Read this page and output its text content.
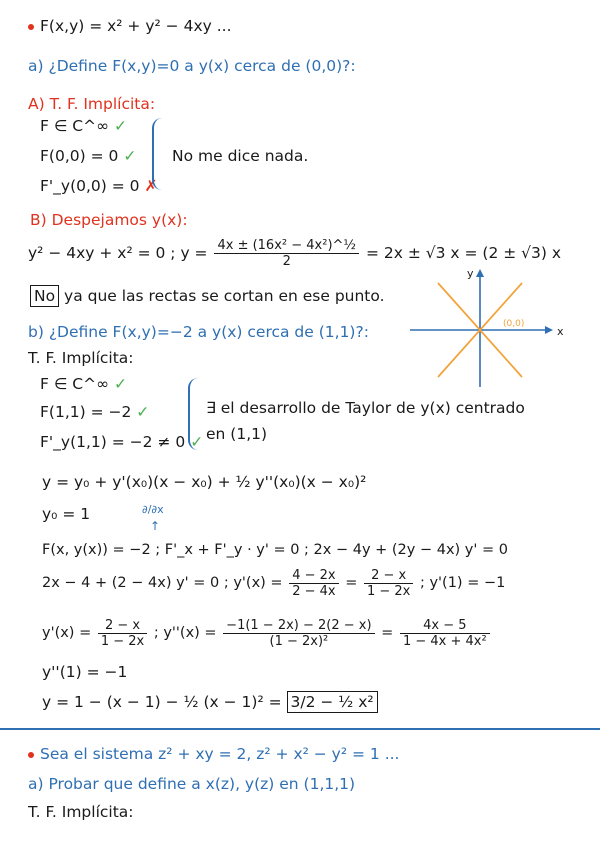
F(x,y) = x² + y² − 4xy ...
a) ¿Define F(x,y)=0 a y(x) cerca de (0,0)?:
A) T. F. Implícita:
F ∈ C^∞ ✓
F(0,0) = 0 ✓
F'_y(0,0) = 0 ✗
No me dice nada.
B) Despejamos y(x):
y² − 4xy + x² = 0 ; $y = \frac{\text{4x ± (16x² − 4x²)\textasciicircum{}½}}{2} = 2x \pm √3$ x = (2 ± √3) x
No ya que las rectas se cortan en ese punto.
x
y
(0,0)
b) ¿Define F(x,y)=−2 a y(x) cerca de (1,1)?:
T. F. Implícita:
F ∈ C^∞ ✓
F(1,1) = −2 ✓
F'_y(1,1) = −2 ≠ 0 ✓
∃ el desarrollo de Taylor de y(x) centrado
en (1,1)
y = y₀ + y'(x₀)(x − x₀) + ½ y''(x₀)(x − x₀)²
y₀ = 1	∂/∂x
↑
F(x, y(x)) = −2 ; F'_x + F'_y · y' = 0 ; 2x − 4y + (2y − 4x) y' = 0
2x − 4 + (2 − 4x) y' = 0 ; $y'(x) = \frac{4 - 2x}{2 - 4x} = \frac{2 - x}{1 - 2x}$ ; y'(1) = −1
$y'(x) = \frac{2 - x}{1 - 2x}$ ; $y''(x) = \frac{-1(1 - 2x) - 2(2 - x)}{\text{(1 − 2x)²}} = \frac{4x - 5}{\text{1 − 4x + 4x²}}$
y''(1) = −1
y = 1 − (x − 1) − ½ (x − 1)² = 3/2 − ½ x²
Sea el sistema z² + xy = 2, z² + x² − y² = 1 ...
a) Probar que define a x(z), y(z) en (1,1,1)
T. F. Implícita:
